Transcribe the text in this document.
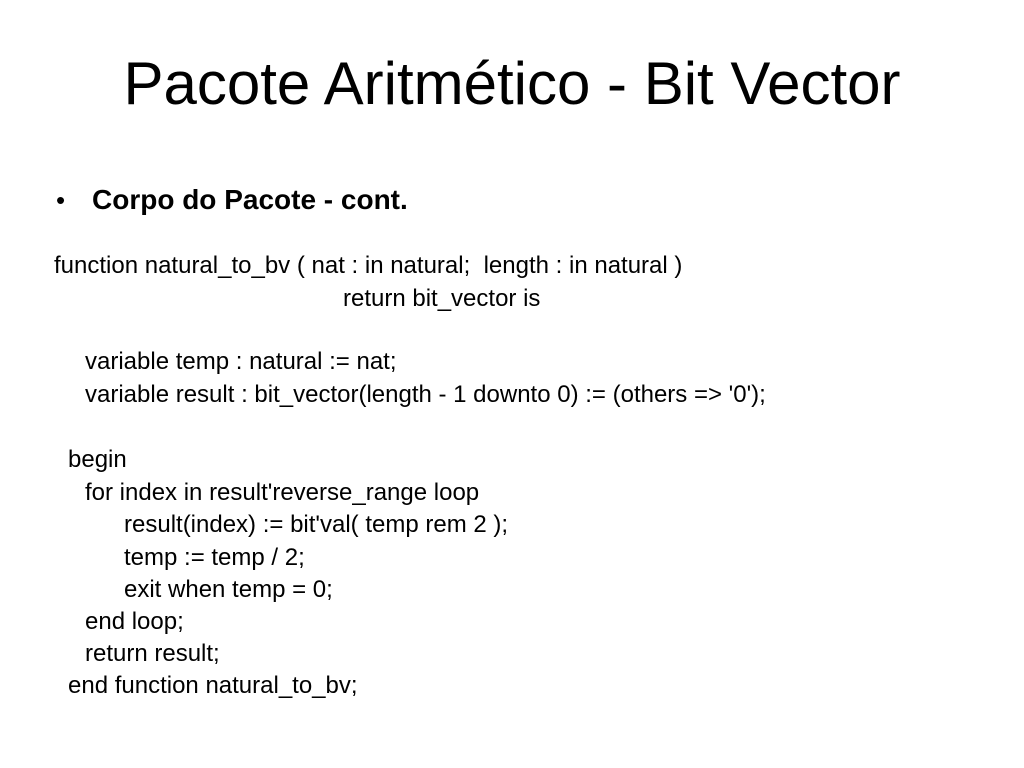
Pacote Aritmético - Bit Vector
• Corpo do Pacote - cont.
function natural_to_bv ( nat : in natural;  length : in natural )
return bit_vector is
variable temp : natural := nat;
variable result : bit_vector(length - 1 downto 0) := (others => '0');
begin
for index in result'reverse_range loop
result(index) := bit'val( temp rem 2 );
temp := temp / 2;
exit when temp = 0;
end loop;
return result;
end function natural_to_bv;
